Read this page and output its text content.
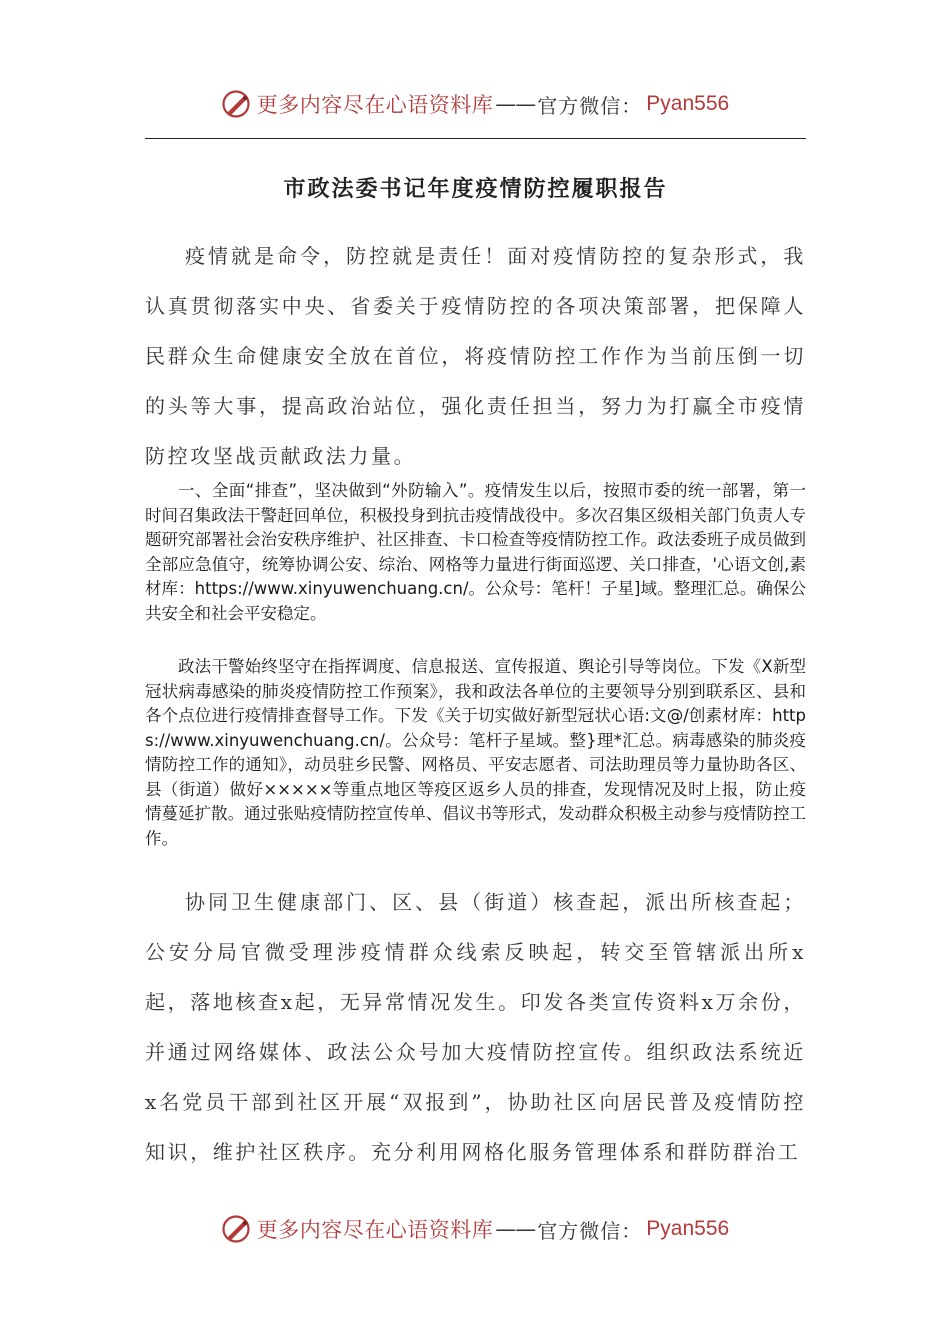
更多内容尽在心语资料库 —— 官方微信： Pyan556
市政法委书记年度疫情防控履职报告

疫情就是命令，防控就是责任！面对疫情防控的复杂形式，我认真贯彻落实中央、省委关于疫情防控的各项决策部署，把保障人民群众生命健康安全放在首位，将疫情防控工作作为当前压倒一切的头等大事，提高政治站位，强化责任担当，努力为打赢全市疫情防控攻坚战贡献政法力量。

一、全面“排查”，坚决做到“外防输入”。疫情发生以后，按照市委的统一部署，第一时间召集政法干警赶回单位，积极投身到抗击疫情战役中。多次召集区级相关部门负责人专题研究部署社会治安秩序维护、社区排查、卡口检查等疫情防控工作。政法委班子成员做到全部应急值守，统筹协调公安、综治、网格等力量进行街面巡逻、关口排查，'心语文创,素材库：https://www.xinyuwenchuang.cn/。公众号：笔杆！子星]域。整理汇总。确保公共安全和社会平安稳定。

政法干警始终坚守在指挥调度、信息报送、宣传报道、舆论引导等岗位。下发《X新型冠状病毒感染的肺炎疫情防控工作预案》，我和政法各单位的主要领导分别到联系区、县和各个点位进行疫情排查督导工作。下发《关于切实做好新型冠状心语:文@/创素材库：https://www.xinyuwenchuang.cn/。公众号：笔杆子星域。整}理*汇总。病毒感染的肺炎疫情防控工作的通知》，动员驻乡民警、网格员、平安志愿者、司法助理员等力量协助各区、县（街道）做好×××××等重点地区等疫区返乡人员的排查，发现情况及时上报，防止疫情蔓延扩散。通过张贴疫情防控宣传单、倡议书等形式，发动群众积极主动参与疫情防控工作。

协同卫生健康部门、区、县（街道）核查起，派出所核查起；公安分局官微受理涉疫情群众线索反映起，转交至管辖派出所x起，落地核查x起，无异常情况发生。印发各类宣传资料x万余份，并通过网络媒体、政法公众号加大疫情防控宣传。组织政法系统近x名党员干部到社区开展“双报到”，协助社区向居民普及疫情防控知识，维护社区秩序。充分利用网格化服务管理体系和群防群治工

更多内容尽在心语资料库 —— 官方微信： Pyan556
